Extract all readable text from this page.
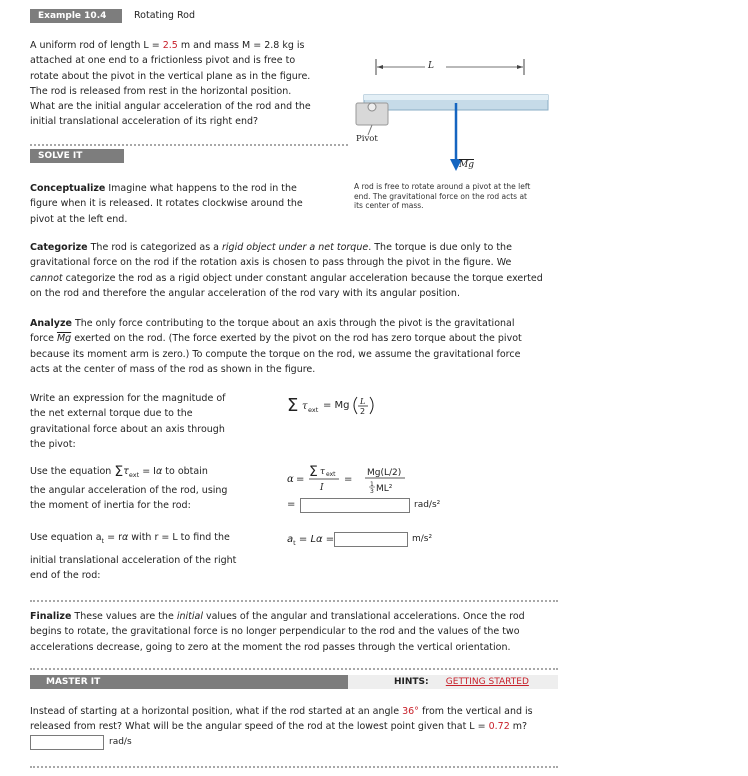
Example 10.4	Rotating Rod
A uniform rod of length L = 2.5 m and mass M = 2.8 kg is
attached at one end to a frictionless pivot and is free to
rotate about the pivot in the vertical plane as in the figure.
The rod is released from rest in the horizontal position.
What are the initial angular acceleration of the rod and the
initial translational acceleration of its right end?
L
Pivot
$\overline{Mg}$
A rod is free to rotate around a pivot at the left
end. The gravitational force on the rod acts at
its center of mass.
SOLVE IT
Conceptualize Imagine what happens to the rod in the
figure when it is released. It rotates clockwise around the
pivot at the left end.
Categorize The rod is categorized as a rigid object under a net torque. The torque is due only to the
gravitational force on the rod if the rotation axis is chosen to pass through the pivot in the figure. We
cannot categorize the rod as a rigid object under constant angular acceleration because the torque exerted
on the rod and therefore the angular acceleration of the rod vary with its angular position.
Analyze The only force contributing to the torque about an axis through the pivot is the gravitational
force $\overline{Mg}$ exerted on the rod. (The force exerted by the pivot on the rod has zero torque about the pivot
because its moment arm is zero.) To compute the torque on the rod, we assume the gravitational force
acts at the center of mass of the rod as shown in the figure.
Write an expression for the magnitude of
the net external torque due to the
gravitational force about an axis through
the pivot:
Σ τ ext = Mg L
2
Use the equation $\Sigma\tau_{ext} = I\alpha$ to obtain
the angular acceleration of the rod, using
the moment of inertia for the rod:
α = Σ τ ext
I
=
Mg(L/2)
1
3 ML²
=	rad/s²
Use equation $a_t = r\alpha$ with r = L to find the
initial translational acceleration of the right
end of the rod:
$a_t = L\alpha$ =	m/s²
Finalize These values are the initial values of the angular and translational accelerations. Once the rod
begins to rotate, the gravitational force is no longer perpendicular to the rod and the values of the two
accelerations decrease, going to zero at the moment the rod passes through the vertical orientation.
MASTER IT	HINTS: GETTING STARTED
Instead of starting at a horizontal position, what if the rod started at an angle 36° from the vertical and is
released from rest? What will be the angular speed of the rod at the lowest point given that L = 0.72 m?
rad/s
